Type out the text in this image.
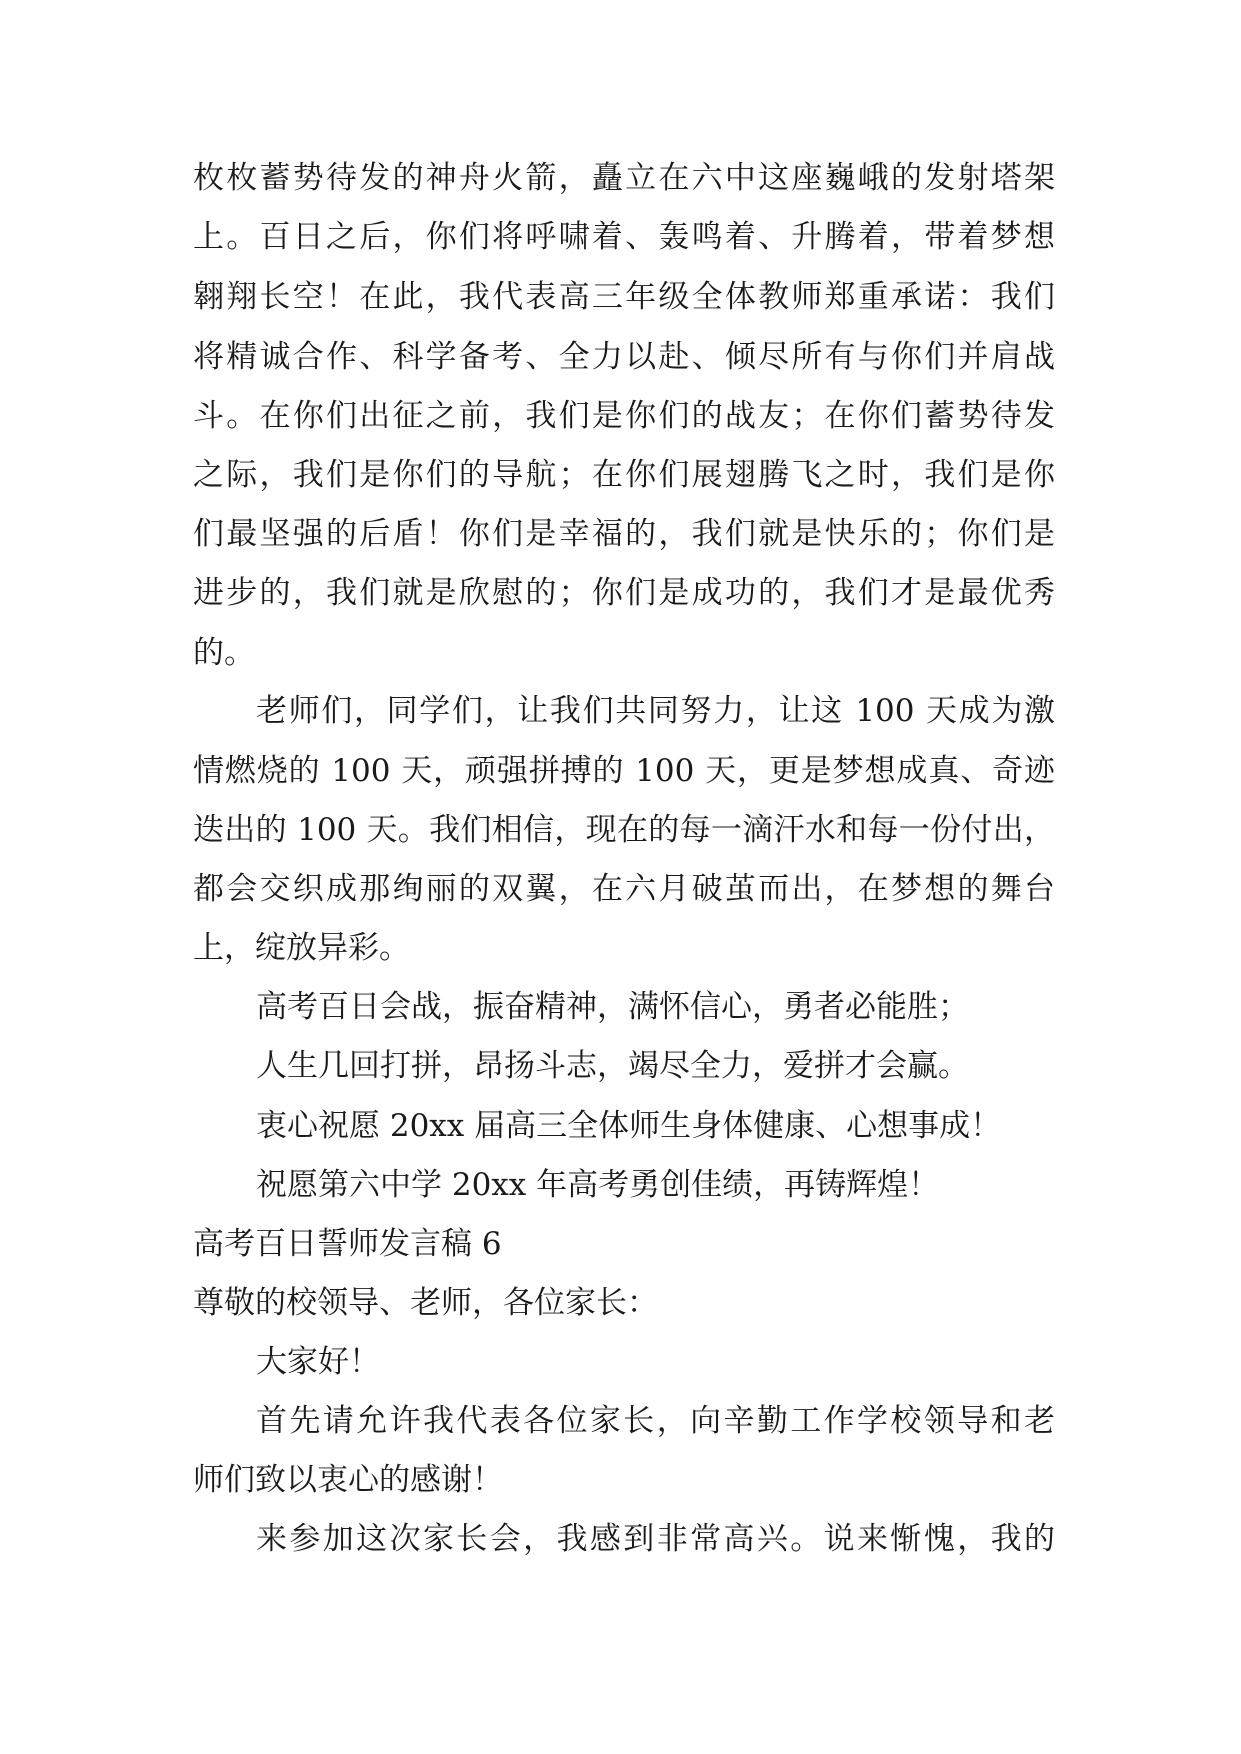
枚枚蓄势待发的神舟火箭，矗立在六中这座巍峨的发射塔架
上。百日之后，你们将呼啸着、轰鸣着、升腾着，带着梦想
翱翔长空！在此，我代表高三年级全体教师郑重承诺：我们
将精诚合作、科学备考、全力以赴、倾尽所有与你们并肩战
斗。在你们出征之前，我们是你们的战友；在你们蓄势待发
之际，我们是你们的导航；在你们展翅腾飞之时，我们是你
们最坚强的后盾！你们是幸福的，我们就是快乐的；你们是
进步的，我们就是欣慰的；你们是成功的，我们才是最优秀
的。
老师们，同学们，让我们共同努力，让这 100 天成为激
情燃烧的 100 天，顽强拼搏的 100 天，更是梦想成真、奇迹
迭出的 100 天。我们相信，现在的每一滴汗水和每一份付出，
都会交织成那绚丽的双翼，在六月破茧而出，在梦想的舞台
上，绽放异彩。
高考百日会战，振奋精神，满怀信心，勇者必能胜；
人生几回打拼，昂扬斗志，竭尽全力，爱拼才会赢。
衷心祝愿 20xx 届高三全体师生身体健康、心想事成！
祝愿第六中学 20xx 年高考勇创佳绩，再铸辉煌！
高考百日誓师发言稿 6
尊敬的校领导、老师，各位家长：
大家好！
首先请允许我代表各位家长，向辛勤工作学校领导和老
师们致以衷心的感谢！
来参加这次家长会，我感到非常高兴。说来惭愧，我的
